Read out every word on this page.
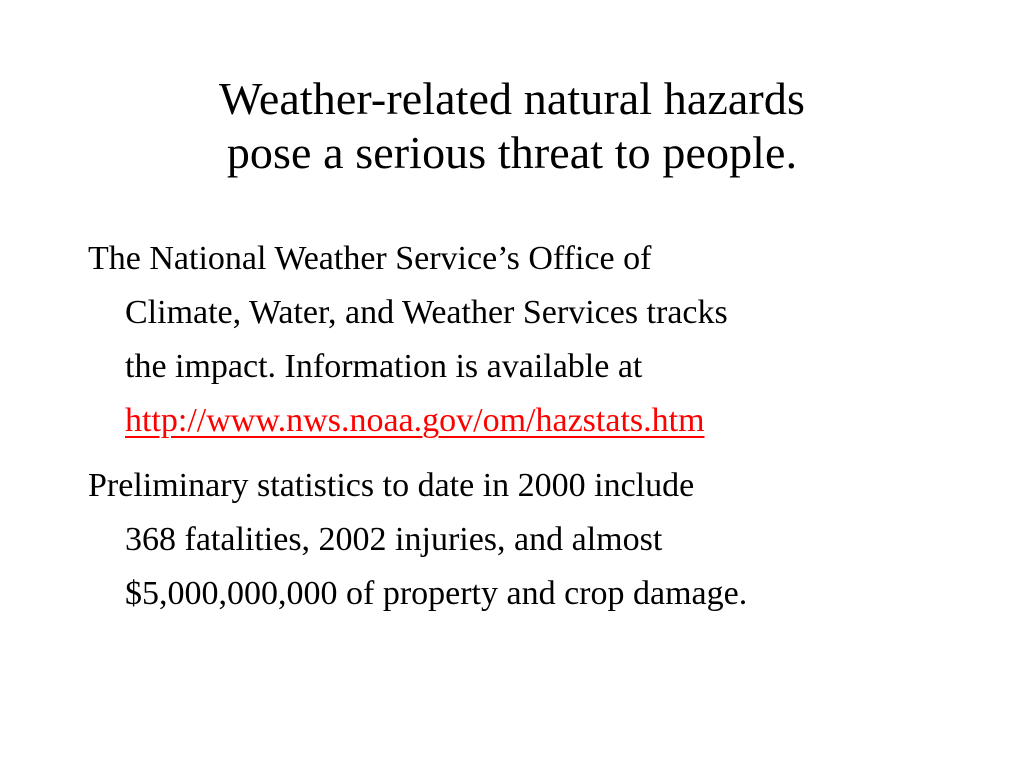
Weather-related natural hazards
pose a serious threat to people.

The National Weather Service’s Office of
Climate, Water, and Weather Services tracks
the impact. Information is available at
http://www.nws.noaa.gov/om/hazstats.htm

Preliminary statistics to date in 2000 include
368 fatalities, 2002 injuries, and almost
$5,000,000,000 of property and crop damage.
